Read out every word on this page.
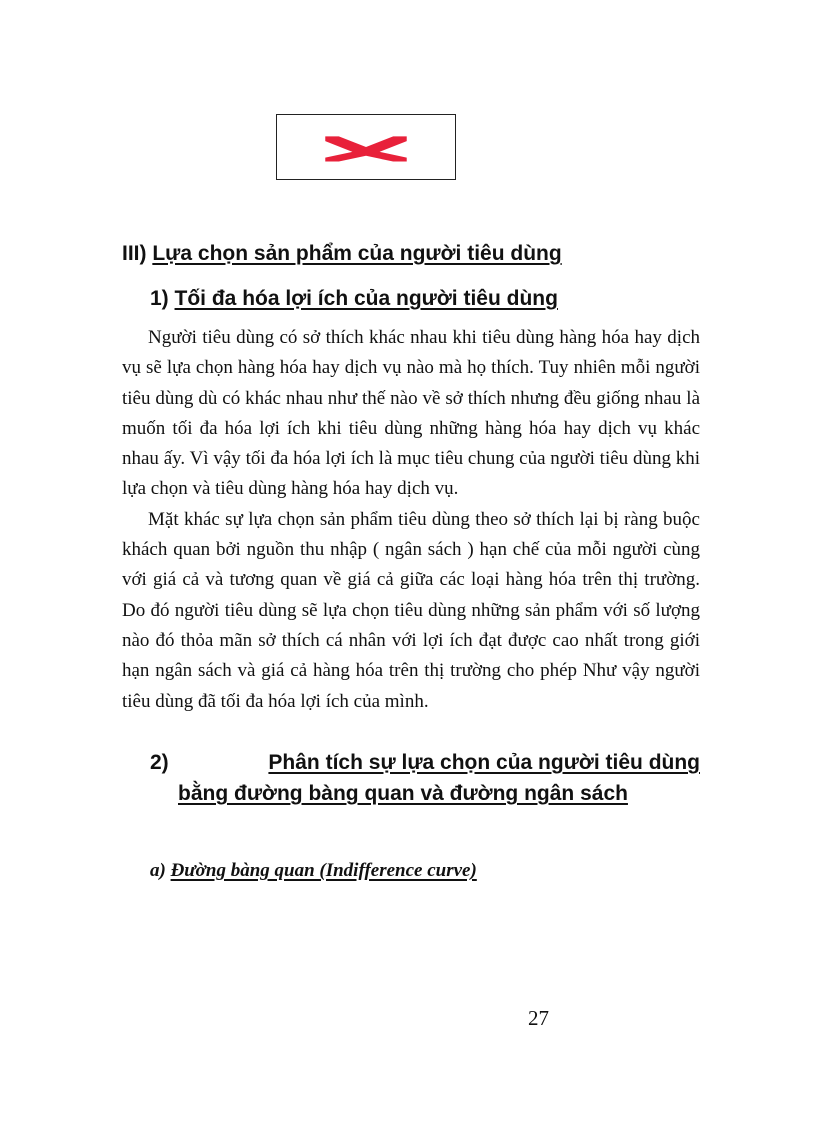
III) Lựa chọn sản phẩm của người tiêu dùng
1) Tối đa hóa lợi ích của người tiêu dùng

Người tiêu dùng có sở thích khác nhau khi tiêu dùng hàng hóa hay dịch vụ sẽ lựa chọn hàng hóa hay dịch vụ nào mà họ thích. Tuy nhiên mỗi người tiêu dùng dù có khác nhau như thế nào về sở thích nhưng đều giống nhau là muốn tối đa hóa lợi ích khi tiêu dùng những hàng hóa hay dịch vụ khác nhau ấy. Vì vậy tối đa hóa lợi ích là mục tiêu chung của người tiêu dùng khi lựa chọn và tiêu dùng hàng hóa hay dịch vụ.

Mặt khác sự lựa chọn sản phẩm tiêu dùng theo sở thích lại bị ràng buộc khách quan bởi nguồn thu nhập ( ngân sách ) hạn chế của mỗi người cùng với giá cả và tương quan về giá cả giữa các loại hàng hóa trên thị trường. Do đó người tiêu dùng sẽ lựa chọn tiêu dùng những sản phẩm với số lượng nào đó thỏa mãn sở thích cá nhân với lợi ích đạt được cao nhất trong giới hạn ngân sách và giá cả hàng hóa trên thị trường cho phép Như vậy người tiêu dùng đã tối đa hóa lợi ích của mình.

2)	Phân tích sự lựa chọn của người tiêu dùng
bằng đường bàng quan và đường ngân sách
a) Đường bàng quan (Indifference curve)
27
